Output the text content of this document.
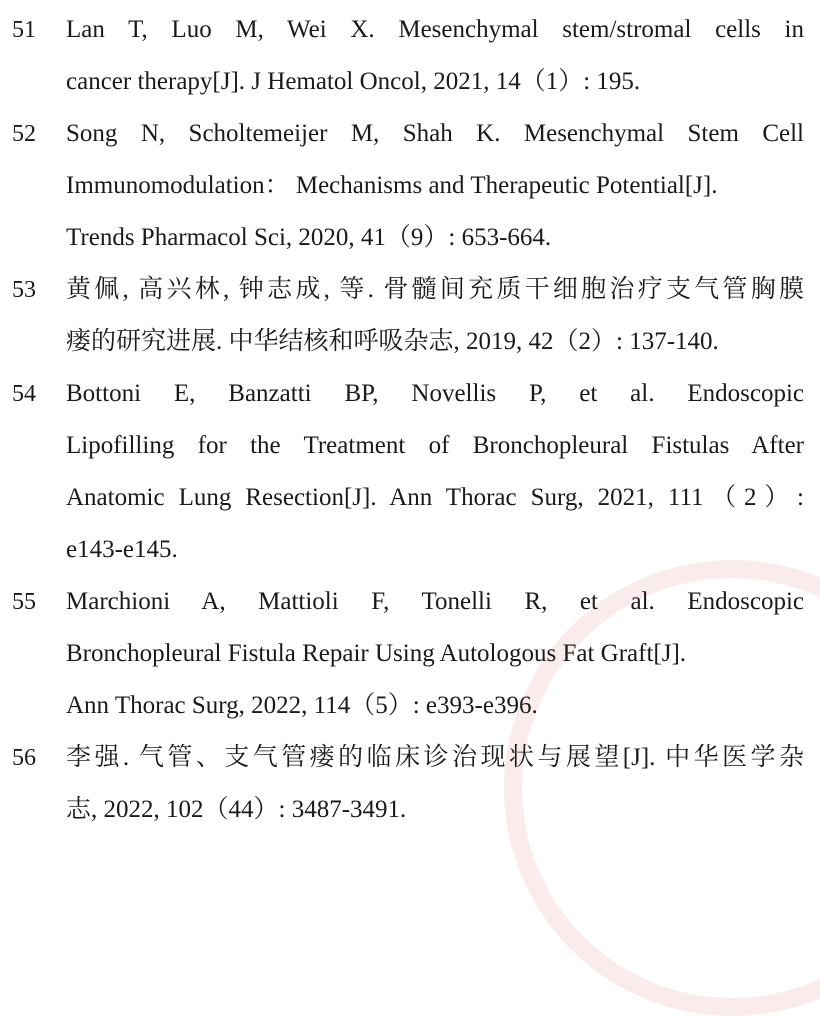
51	Lan T, Luo M, Wei X. Mesenchymal stem/stromal cells in
cancer therapy[J]. J Hematol Oncol, 2021, 14（1）: 195.
52	Song N, Scholtemeijer M, Shah K. Mesenchymal Stem Cell
Immunomodulation： Mechanisms and Therapeutic Potential[J].
Trends Pharmacol Sci, 2020, 41（9）: 653-664.
53	黄佩, 高兴林, 钟志成, 等. 骨髓间充质干细胞治疗支气管胸膜
瘘的研究进展. 中华结核和呼吸杂志, 2019, 42（2）: 137-140.
54	Bottoni E, Banzatti BP, Novellis P, et al. Endoscopic
Lipofilling for the Treatment of Bronchopleural Fistulas After
Anatomic Lung Resection[J]. Ann Thorac Surg, 2021, 111（2）:
e143-e145.
55	Marchioni A, Mattioli F, Tonelli R, et al. Endoscopic
Bronchopleural Fistula Repair Using Autologous Fat Graft[J].
Ann Thorac Surg, 2022, 114（5）: e393-e396.
56	李强. 气管、支气管瘘的临床诊治现状与展望[J]. 中华医学杂
志, 2022, 102（44）: 3487-3491.
